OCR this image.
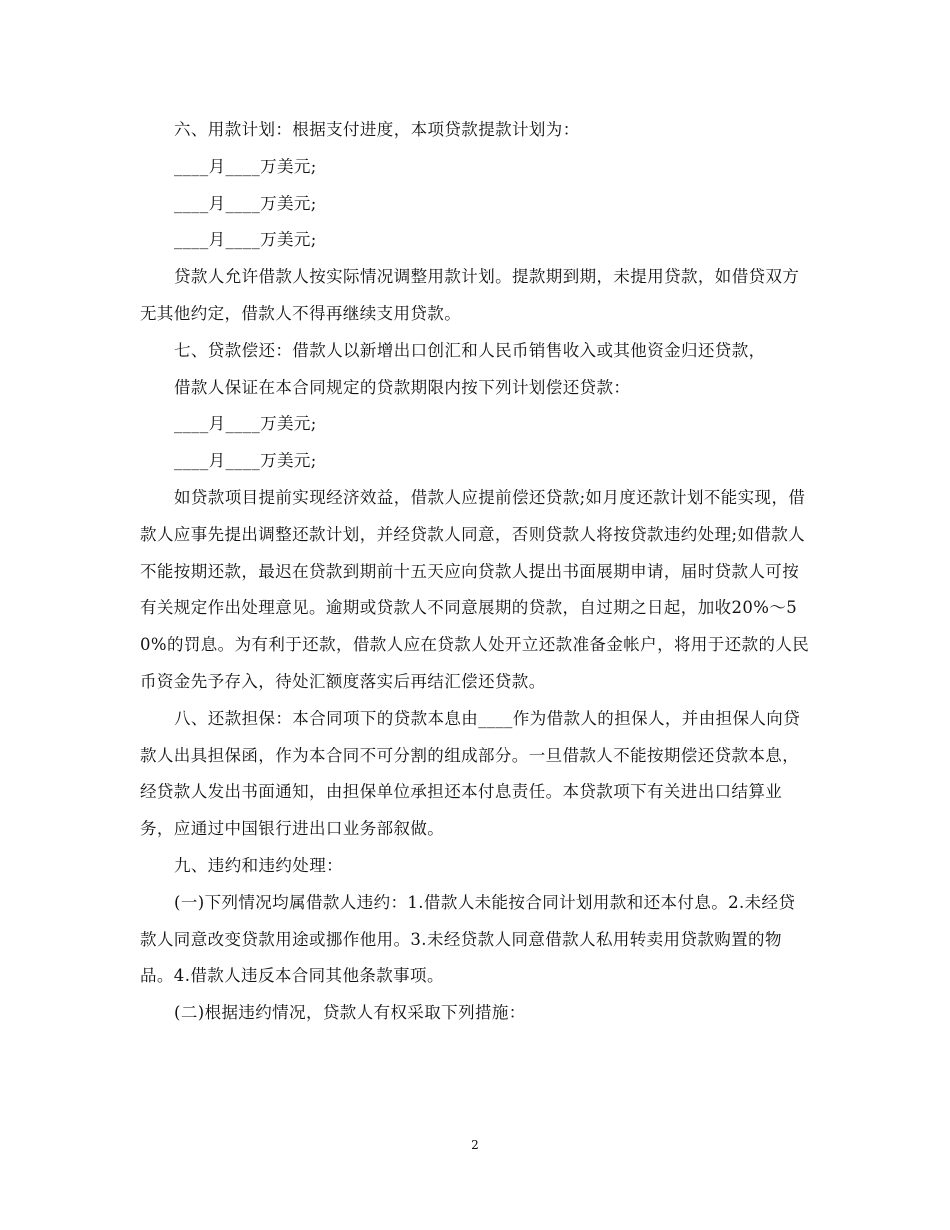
六、用款计划：根据支付进度，本项贷款提款计划为：

____月____万美元;

____月____万美元;

____月____万美元;

贷款人允许借款人按实际情况调整用款计划。提款期到期，未提用贷款，如借贷双方无其他约定，借款人不得再继续支用贷款。

七、贷款偿还：借款人以新增出口创汇和人民币销售收入或其他资金归还贷款，

借款人保证在本合同规定的贷款期限内按下列计划偿还贷款：

____月____万美元;

____月____万美元;

如贷款项目提前实现经济效益，借款人应提前偿还贷款;如月度还款计划不能实现，借款人应事先提出调整还款计划，并经贷款人同意，否则贷款人将按贷款违约处理;如借款人不能按期还款，最迟在贷款到期前十五天应向贷款人提出书面展期申请，届时贷款人可按有关规定作出处理意见。逾期或贷款人不同意展期的贷款，自过期之日起，加收20%～50%的罚息。为有利于还款，借款人应在贷款人处开立还款准备金帐户，将用于还款的人民币资金先予存入，待处汇额度落实后再结汇偿还贷款。

八、还款担保：本合同项下的贷款本息由____作为借款人的担保人，并由担保人向贷款人出具担保函，作为本合同不可分割的组成部分。一旦借款人不能按期偿还贷款本息，经贷款人发出书面通知，由担保单位承担还本付息责任。本贷款项下有关进出口结算业务，应通过中国银行进出口业务部叙做。

九、违约和违约处理：

(一)下列情况均属借款人违约：1.借款人未能按合同计划用款和还本付息。2.未经贷款人同意改变贷款用途或挪作他用。3.未经贷款人同意借款人私用转卖用贷款购置的物品。4.借款人违反本合同其他条款事项。

(二)根据违约情况，贷款人有权采取下列措施：

2
